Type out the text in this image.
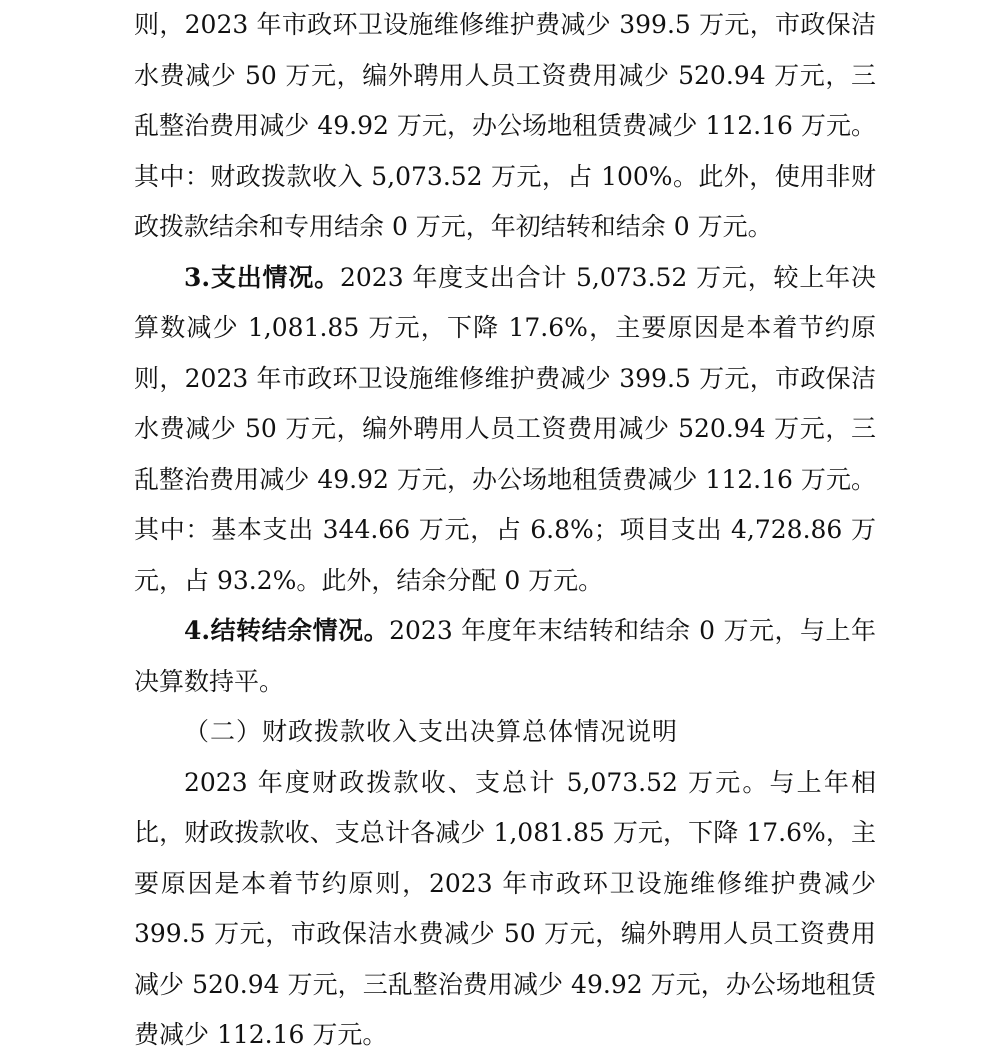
则，2023 年市政环卫设施维修维护费减少 399.5 万元，市政保洁水费减少 50 万元，编外聘用人员工资费用减少 520.94 万元，三乱整治费用减少 49.92 万元，办公场地租赁费减少 112.16 万元。其中：财政拨款收入 5,073.52 万元，占 100%。此外，使用非财政拨款结余和专用结余 0 万元，年初结转和结余 0 万元。

3.支出情况。2023 年度支出合计 5,073.52 万元，较上年决算数减少 1,081.85 万元，下降 17.6%，主要原因是本着节约原则，2023 年市政环卫设施维修维护费减少 399.5 万元，市政保洁水费减少 50 万元，编外聘用人员工资费用减少 520.94 万元，三乱整治费用减少 49.92 万元，办公场地租赁费减少 112.16 万元。其中：基本支出 344.66 万元，占 6.8%；项目支出 4,728.86 万元，占 93.2%。此外，结余分配 0 万元。

4.结转结余情况。2023 年度年末结转和结余 0 万元，与上年决算数持平。

（二）财政拨款收入支出决算总体情况说明

2023 年度财政拨款收、支总计 5,073.52 万元。与上年相比，财政拨款收、支总计各减少 1,081.85 万元，下降 17.6%，主要原因是本着节约原则，2023 年市政环卫设施维修维护费减少 399.5 万元，市政保洁水费减少 50 万元，编外聘用人员工资费用减少 520.94 万元，三乱整治费用减少 49.92 万元，办公场地租赁费减少 112.16 万元。
